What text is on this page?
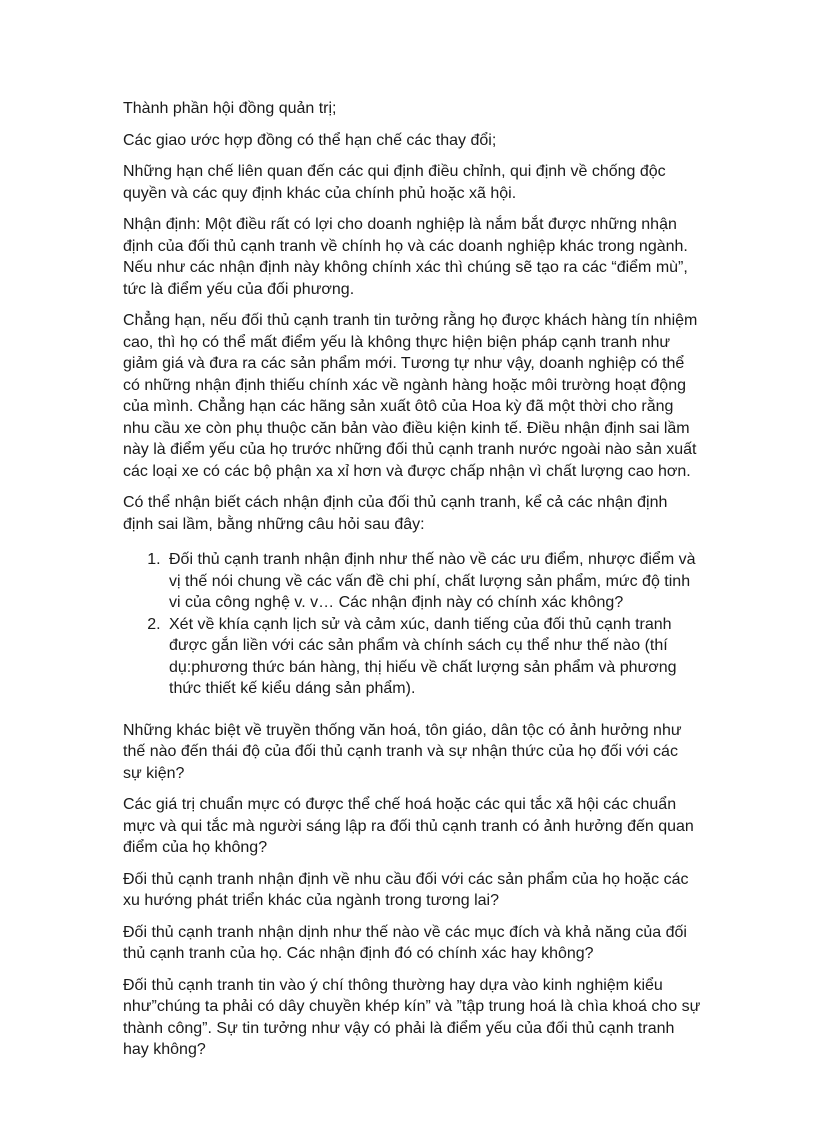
Thành phần hội đồng quản trị;

Các giao ước hợp đồng có thể hạn chế các thay đổi;

Những hạn chế liên quan đến các qui định điều chỉnh, qui định về chống độc quyền và các quy định khác của chính phủ hoặc xã hội.

Nhận định: Một điều rất có lợi cho doanh nghiệp là nắm bắt được những nhận định của đối thủ cạnh tranh về chính họ và các doanh nghiệp khác trong ngành. Nếu như các nhận định này không chính xác thì chúng sẽ tạo ra các “điểm mù”, tức là điểm yếu của đối phương.

Chẳng hạn, nếu đối thủ cạnh tranh tin tưởng rằng họ được khách hàng tín nhiệm cao, thì họ có thể mất điểm yếu là không thực hiện biện pháp cạnh tranh như giảm giá và đưa ra các sản phẩm mới. Tương tự như vậy, doanh nghiệp có thể có những nhận định thiếu chính xác về ngành hàng hoặc môi trường hoạt động của mình. Chẳng hạn các hãng sản xuất ôtô của Hoa kỳ đã một thời cho rằng nhu cầu xe còn phụ thuộc căn bản vào điều kiện kinh tế. Điều nhận định sai lầm này là điểm yếu của họ trước những đối thủ cạnh tranh nước ngoài nào sản xuất các loại xe có các bộ phận xa xỉ hơn và được chấp nhận vì chất lượng cao hơn.

Có thể nhận biết cách nhận định của đối thủ cạnh tranh, kể cả các nhận định định sai lầm, bằng những câu hỏi sau đây:

1. Đối thủ cạnh tranh nhận định như thế nào về các ưu điểm, nhược điểm và vị thế nói chung về các vấn đề chi phí, chất lượng sản phẩm, mức độ tinh vi của công nghệ v. v… Các nhận định này có chính xác không?
2. Xét về khía cạnh lịch sử và cảm xúc, danh tiếng của đối thủ cạnh tranh được gắn liền với các sản phẩm và chính sách cụ thể như thế nào (thí dụ:phương thức bán hàng, thị hiếu về chất lượng sản phẩm và phương thức thiết kế kiểu dáng sản phẩm).

Những khác biệt về truyền thống văn hoá, tôn giáo, dân tộc có ảnh hưởng như thế nào đến thái độ của đối thủ cạnh tranh và sự nhận thức của họ đối với các sự kiện?

Các giá trị chuẩn mực có được thể chế hoá hoặc các qui tắc xã hội các chuẩn mực và qui tắc mà người sáng lập ra đối thủ cạnh tranh có ảnh hưởng đến quan điểm của họ không?

Đối thủ cạnh tranh nhận định về nhu cầu đối với các sản phẩm của họ hoặc các xu hướng phát triển khác của ngành trong tương lai?

Đối thủ cạnh tranh nhận dịnh như thế nào về các mục đích và khả năng của đối thủ cạnh tranh của họ. Các nhận định đó có chính xác hay không?

Đối thủ cạnh tranh tin vào ý chí thông thường hay dựa vào kinh nghiệm kiểu như”chúng ta phải có dây chuyền khép kín” và ”tập trung hoá là chìa khoá cho sự thành công”. Sự tin tưởng như vậy có phải là điểm yếu của đối thủ cạnh tranh hay không?
